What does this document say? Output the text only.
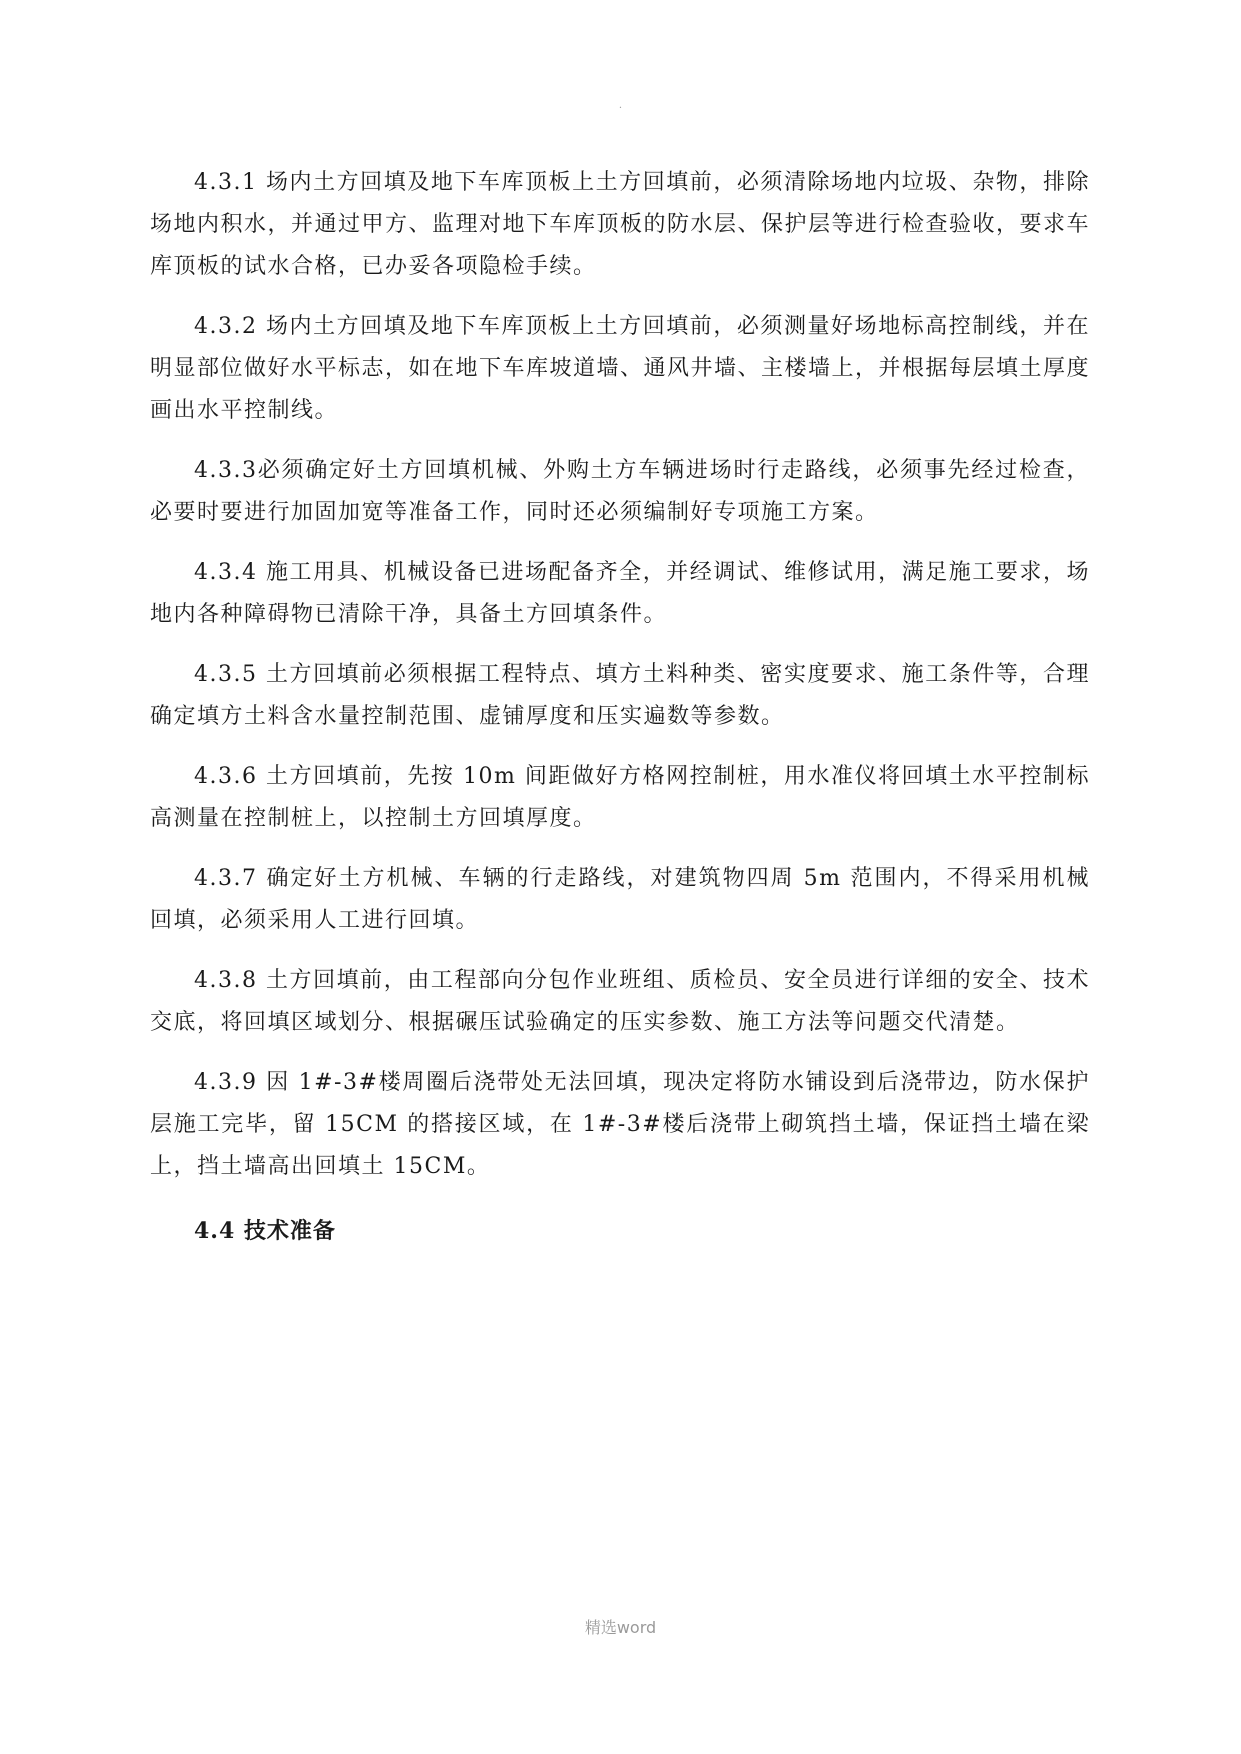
.

4.3.1 场内土方回填及地下车库顶板上土方回填前，必须清除场地内垃圾、杂物，排除场地内积水，并通过甲方、监理对地下车库顶板的防水层、保护层等进行检查验收，要求车库顶板的试水合格，已办妥各项隐检手续。

4.3.2 场内土方回填及地下车库顶板上土方回填前，必须测量好场地标高控制线，并在明显部位做好水平标志，如在地下车库坡道墙、通风井墙、主楼墙上，并根据每层填土厚度画出水平控制线。

4.3.3必须确定好土方回填机械、外购土方车辆进场时行走路线，必须事先经过检查，必要时要进行加固加宽等准备工作，同时还必须编制好专项施工方案。

4.3.4 施工用具、机械设备已进场配备齐全，并经调试、维修试用，满足施工要求，场地内各种障碍物已清除干净，具备土方回填条件。

4.3.5 土方回填前必须根据工程特点、填方土料种类、密实度要求、施工条件等，合理确定填方土料含水量控制范围、虚铺厚度和压实遍数等参数。

4.3.6 土方回填前，先按 10m 间距做好方格网控制桩，用水准仪将回填土水平控制标高测量在控制桩上，以控制土方回填厚度。

4.3.7 确定好土方机械、车辆的行走路线，对建筑物四周 5m 范围内，不得采用机械回填，必须采用人工进行回填。

4.3.8 土方回填前，由工程部向分包作业班组、质检员、安全员进行详细的安全、技术交底，将回填区域划分、根据碾压试验确定的压实参数、施工方法等问题交代清楚。

4.3.9 因 1#-3#楼周圈后浇带处无法回填，现决定将防水铺设到后浇带边，防水保护层施工完毕，留 15CM 的搭接区域，在 1#-3#楼后浇带上砌筑挡土墙，保证挡土墙在梁上，挡土墙高出回填土 15CM。

4.4 技术准备

精选word
